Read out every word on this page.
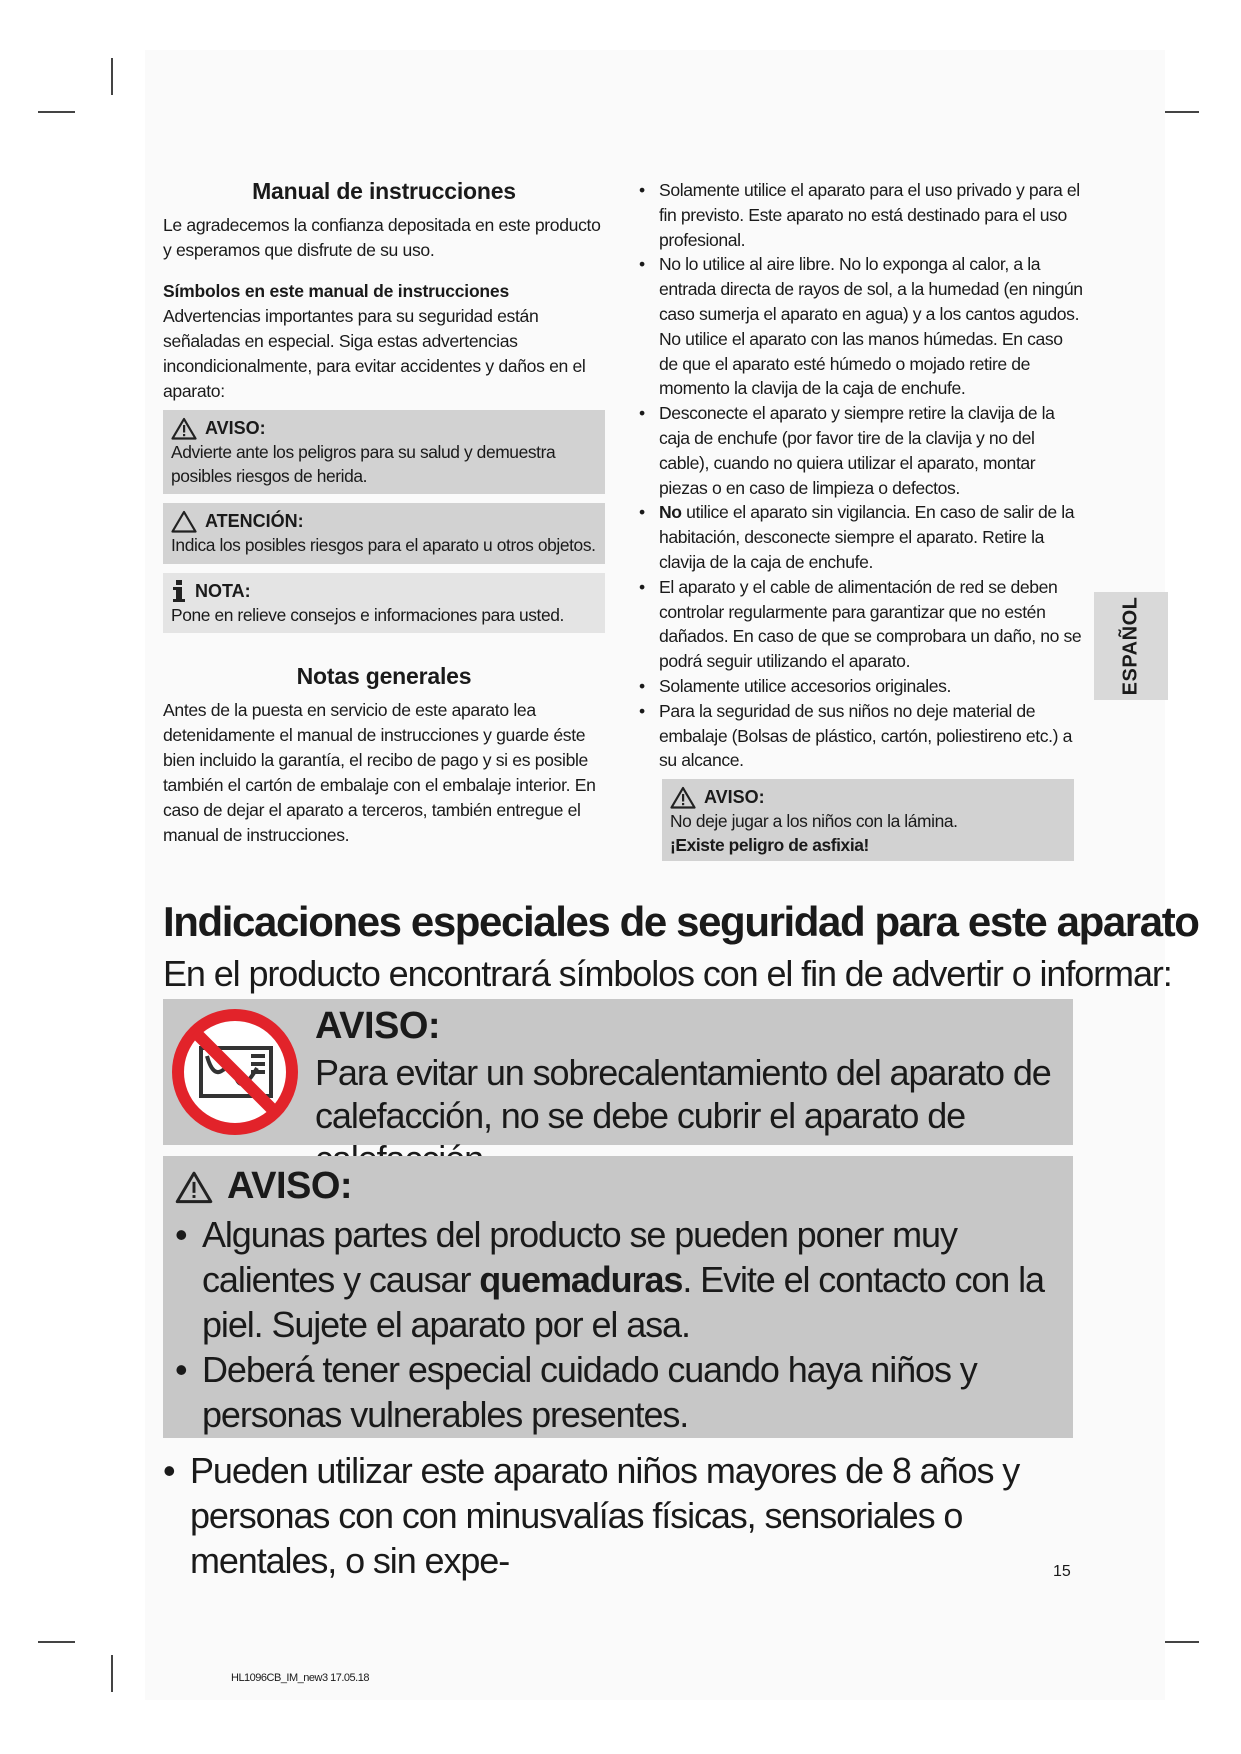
Manual de instrucciones

Le agradecemos la confianza depositada en este producto y esperamos que disfrute de su uso.

Símbolos en este manual de instrucciones

Advertencias importantes para su seguridad están señaladas en especial. Siga estas advertencias incondicionalmente, para evitar accidentes y daños en el aparato:

AVISO:
Advierte ante los peligros para su salud y demuestra posibles riesgos de herida.
ATENCIÓN:
Indica los posibles riesgos para el aparato u otros objetos.
NOTA:
Pone en relieve consejos e informaciones para usted.
Notas generales

Antes de la puesta en servicio de este aparato lea detenidamente el manual de instrucciones y guarde éste bien incluido la garantía, el recibo de pago y si es posible también el cartón de embalaje con el embalaje interior. En caso de dejar el aparato a terceros, también entregue el manual de instrucciones.

• Solamente utilice el aparato para el uso privado y para el fin previsto. Este aparato no está destinado para el uso profesional.
• No lo utilice al aire libre. No lo exponga al calor, a la entrada directa de rayos de sol, a la humedad (en ningún caso sumerja el aparato en agua) y a los cantos agudos. No utilice el aparato con las manos húmedas. En caso de que el aparato esté húmedo o mojado retire de momento la clavija de la caja de enchufe.
• Desconecte el aparato y siempre retire la clavija de la caja de enchufe (por favor tire de la clavija y no del cable), cuando no quiera utilizar el aparato, montar piezas o en caso de limpieza o defectos.
• No utilice el aparato sin vigilancia. En caso de salir de la habitación, desconecte siempre el aparato. Retire la clavija de la caja de enchufe.
• El aparato y el cable de alimentación de red se deben controlar regularmente para garantizar que no estén dañados. En caso de que se comprobara un daño, no se podrá seguir utilizando el aparato.
• Solamente utilice accesorios originales.
• Para la seguridad de sus niños no deje material de embalaje (Bolsas de plástico, cartón, poliestireno etc.) a su alcance.
AVISO:
No deje jugar a los niños con la lámina.
¡Existe peligro de asfixia!
ESPAÑOL
Indicaciones especiales de seguridad para este aparato

En el producto encontrará símbolos con el fin de advertir o informar:

AVISO:
Para evitar un sobrecalentamiento del aparato de calefacción, no se debe cubrir el aparato de
AVISO:
• Algunas partes del producto se pueden poner muy calientes y causar quemaduras. Evite el contacto con la piel. Sujete el aparato por el asa.
• Deberá tener especial cuidado cuando haya niños y personas vulnerables presentes.
• Pueden utilizar este aparato niños mayores de 8 años y personas con con minusvalías físicas, sensoriales o mentales, o sin expe-	15
HL1096CB_IM_new3 17.05.18
